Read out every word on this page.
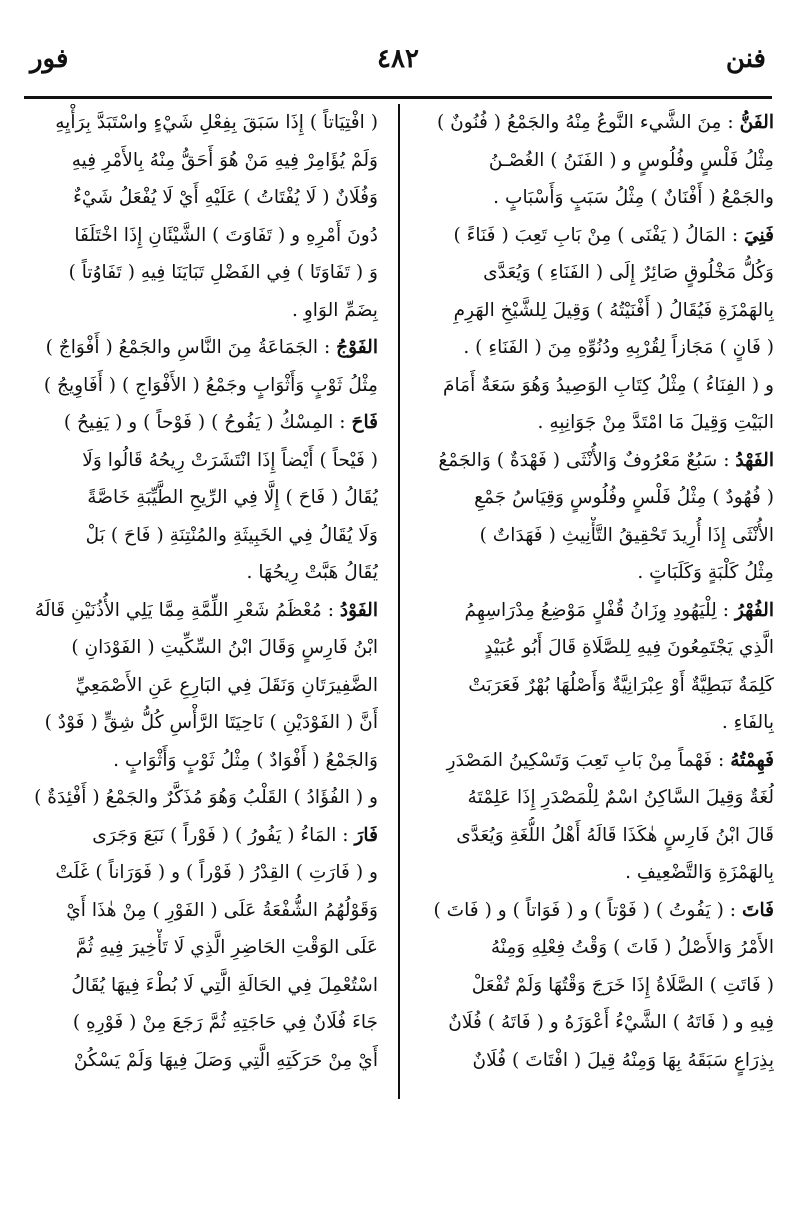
فنن
٤٨٢
فور
الفَنُّ : مِنَ الشَّيء النَّوعُ مِنْهُ والجَمْعُ ( فُنُونٌ )
مِثْلُ فَلْسٍ وفُلُوسٍ و ( الفَنَنُ ) الغُصْـنُ
والجَمْعُ ( أَفْنَانٌ ) مِثْلُ سَبَبٍ وَأَسْبَابٍ .
فَنِيَ : المَالُ ( يَفْنَى ) مِنْ بَابِ تَعِبَ ( فَنَاءً )
وَكُلُّ مَخْلُوقٍ صَائِرٌ إِلَى ( الفَنَاءِ ) وَيُعَدَّى
بِالهَمْزَةِ فَيُقَالُ ( أَفْنَيْتُهُ ) وَقِيلَ لِلشَّيْخِ الهَرِمِ
( فَانٍ ) مَجَازاً لِقُرْبِهِ ودُنُوِّهِ مِنَ ( الفَنَاءِ ) .
و ( الفِنَاءُ ) مِثْلُ كِتَابِ الوَصِيدُ وَهُوَ سَعَةٌ أَمَامَ
البَيْتِ وَقِيلَ مَا امْتَدَّ مِنْ جَوَانِبِهِ .
الفَهْدُ : سَبُعٌ مَعْرُوفٌ وَالأُنْثَى ( فَهْدَةٌ ) وَالجَمْعُ
( فُهُودٌ ) مِثْلُ فَلْسٍ وفُلُوسٍ وَقِيَاسُ جَمْعِ
الأُنْثَى إِذَا أُرِيدَ تَحْقِيقُ التَّأْنِيثِ ( فَهَدَاتٌ )
مِثْلُ كَلْبَةٍ وَكَلَبَاتٍ .
الفُهْرُ : لِلْيَهُودِ وِزَانُ قُفْلٍ مَوْضِعُ مِدْرَاسِهِمُ
الَّذِي يَجْتَمِعُونَ فِيهِ لِلصَّلَاةِ قَالَ أَبُو عُبَيْدٍ
كَلِمَةٌ نَبَطِيَّةٌ أَوْ عِبْرَانِيَّةٌ وَأَصْلُهَا بُهْرٌ فَعَرَبَتْ
بِالفَاءِ .
فَهِمْتُهُ : فَهْماً مِنْ بَابِ تَعِبَ وَتَسْكِينُ المَصْدَرِ
لُغَةٌ وَقِيلَ السَّاكِنُ اسْمٌ لِلْمَصْدَرِ إِذَا عَلِمْتَهُ
قَالَ ابْنُ فَارِسٍ هٰكَذَا قَالَهُ أَهْلُ اللُّغَةِ وَيُعَدَّى
بِالهَمْزَةِ وَالتَّضْعِيفِ .
فَاتَ : ( يَفُوتُ ) ( فَوْتاً ) و ( فَوَاتاً ) و ( فَاتَ )
الأَمْرُ وَالأَصْلُ ( فَاتَ ) وَقْتُ فِعْلِهِ وَمِنْهُ
( فَاتَتِ ) الصَّلَاةُ إِذَا خَرَجَ وَقْتُهَا وَلَمْ تُفْعَلْ
فِيهِ و ( فَاتَهُ ) الشَّيْءُ أَعْوَزَهُ و ( فَاتَهُ ) فُلَانٌ
بِذِرَاعٍ سَبَقَهُ بِهَا وَمِنْهُ قِيلَ ( افْتَاتَ ) فُلَانٌ
( افْتِيَاتاً ) إِذَا سَبَقَ بِفِعْلِ شَيْءٍ واسْتَبَدَّ بِرَأْيِهِ
وَلَمْ يُؤَامِرْ فِيهِ مَنْ هُوَ أَحَقُّ مِنْهُ بِالأَمْرِ فِيهِ
وَفُلَانٌ ( لَا يُفْتَاتُ ) عَلَيْهِ أَيْ لَا يُفْعَلُ شَيْءٌ
دُونَ أَمْرِهِ و ( تَفَاوَتَ ) الشَّيْئَانِ إِذَا اخْتَلَفَا
وَ ( تَفَاوَتَا ) فِي الفَضْلِ تَبَايَنَا فِيهِ ( تَفَاوُتاً )
بِضَمِّ الوَاوِ .
الفَوْجُ : الجَمَاعَةُ مِنَ النَّاسِ والجَمْعُ ( أَفْوَاجٌ )
مِثْلُ ثَوْبٍ وَأَثْوَابٍ وجَمْعُ ( الأَفْوَاجِ ) ( أَفَاوِيجُ )
فَاحَ : المِسْكُ ( يَفُوحُ ) ( فَوْحاً ) و ( يَفِيحُ )
( فَيْحاً ) أَيْضاً إِذَا انْتَشَرَتْ رِيحُهُ قَالُوا وَلَا
يُقَالُ ( فَاحَ ) إِلَّا فِي الرِّيحِ الطَّيِّبَةِ خَاصَّةً
وَلَا يُقَالُ فِي الخَبِيثَةِ والمُنْتِنَةِ ( فَاحَ ) بَلْ
يُقَالُ هَبَّتْ رِيحُهَا .
الفَوْدُ : مُعْظَمُ شَعْرِ اللِّمَّةِ مِمَّا يَلِي الأُذُنَيْنِ قَالَهُ
ابْنُ فَارِسٍ وَقَالَ ابْنُ السِّكِّيتِ ( الفَوْدَانِ )
الضَّفِيرَتَانِ وَنَقَلَ فِي البَارِعِ عَنِ الأَصْمَعِيِّ
أَنَّ ( الفَوْدَيْنِ ) نَاحِيَتَا الرَّأْسِ كُلُّ شِقٍّ ( فَوْدٌ )
وَالجَمْعُ ( أَفْوَادٌ ) مِثْلُ ثَوْبٍ وَأَثْوَابٍ .
و ( الفُؤَادُ ) القَلْبُ وَهُوَ مُذَكَّرٌ والجَمْعُ ( أَفْئِدَةٌ )
فَارَ : المَاءُ ( يَفُورُ ) ( فَوْراً ) نَبَعَ وَجَرَى
و ( فَارَتِ ) القِدْرُ ( فَوْراً ) و ( فَوَرَاناً ) غَلَتْ
وَقَوْلُهُمُ الشُّفْعَةُ عَلَى ( الفَوْرِ ) مِنْ هٰذَا أَيْ
عَلَى الوَقْتِ الحَاضِرِ الَّذِي لَا تَأْخِيرَ فِيهِ ثُمَّ
اسْتُعْمِلَ فِي الحَالَةِ الَّتِي لَا بُطْءَ فِيهَا يُقَالُ
جَاءَ فُلَانٌ فِي حَاجَتِهِ ثُمَّ رَجَعَ مِنْ ( فَوْرِهِ )
أَيْ مِنْ حَرَكَتِهِ الَّتِي وَصَلَ فِيهَا وَلَمْ يَسْكُنْ
